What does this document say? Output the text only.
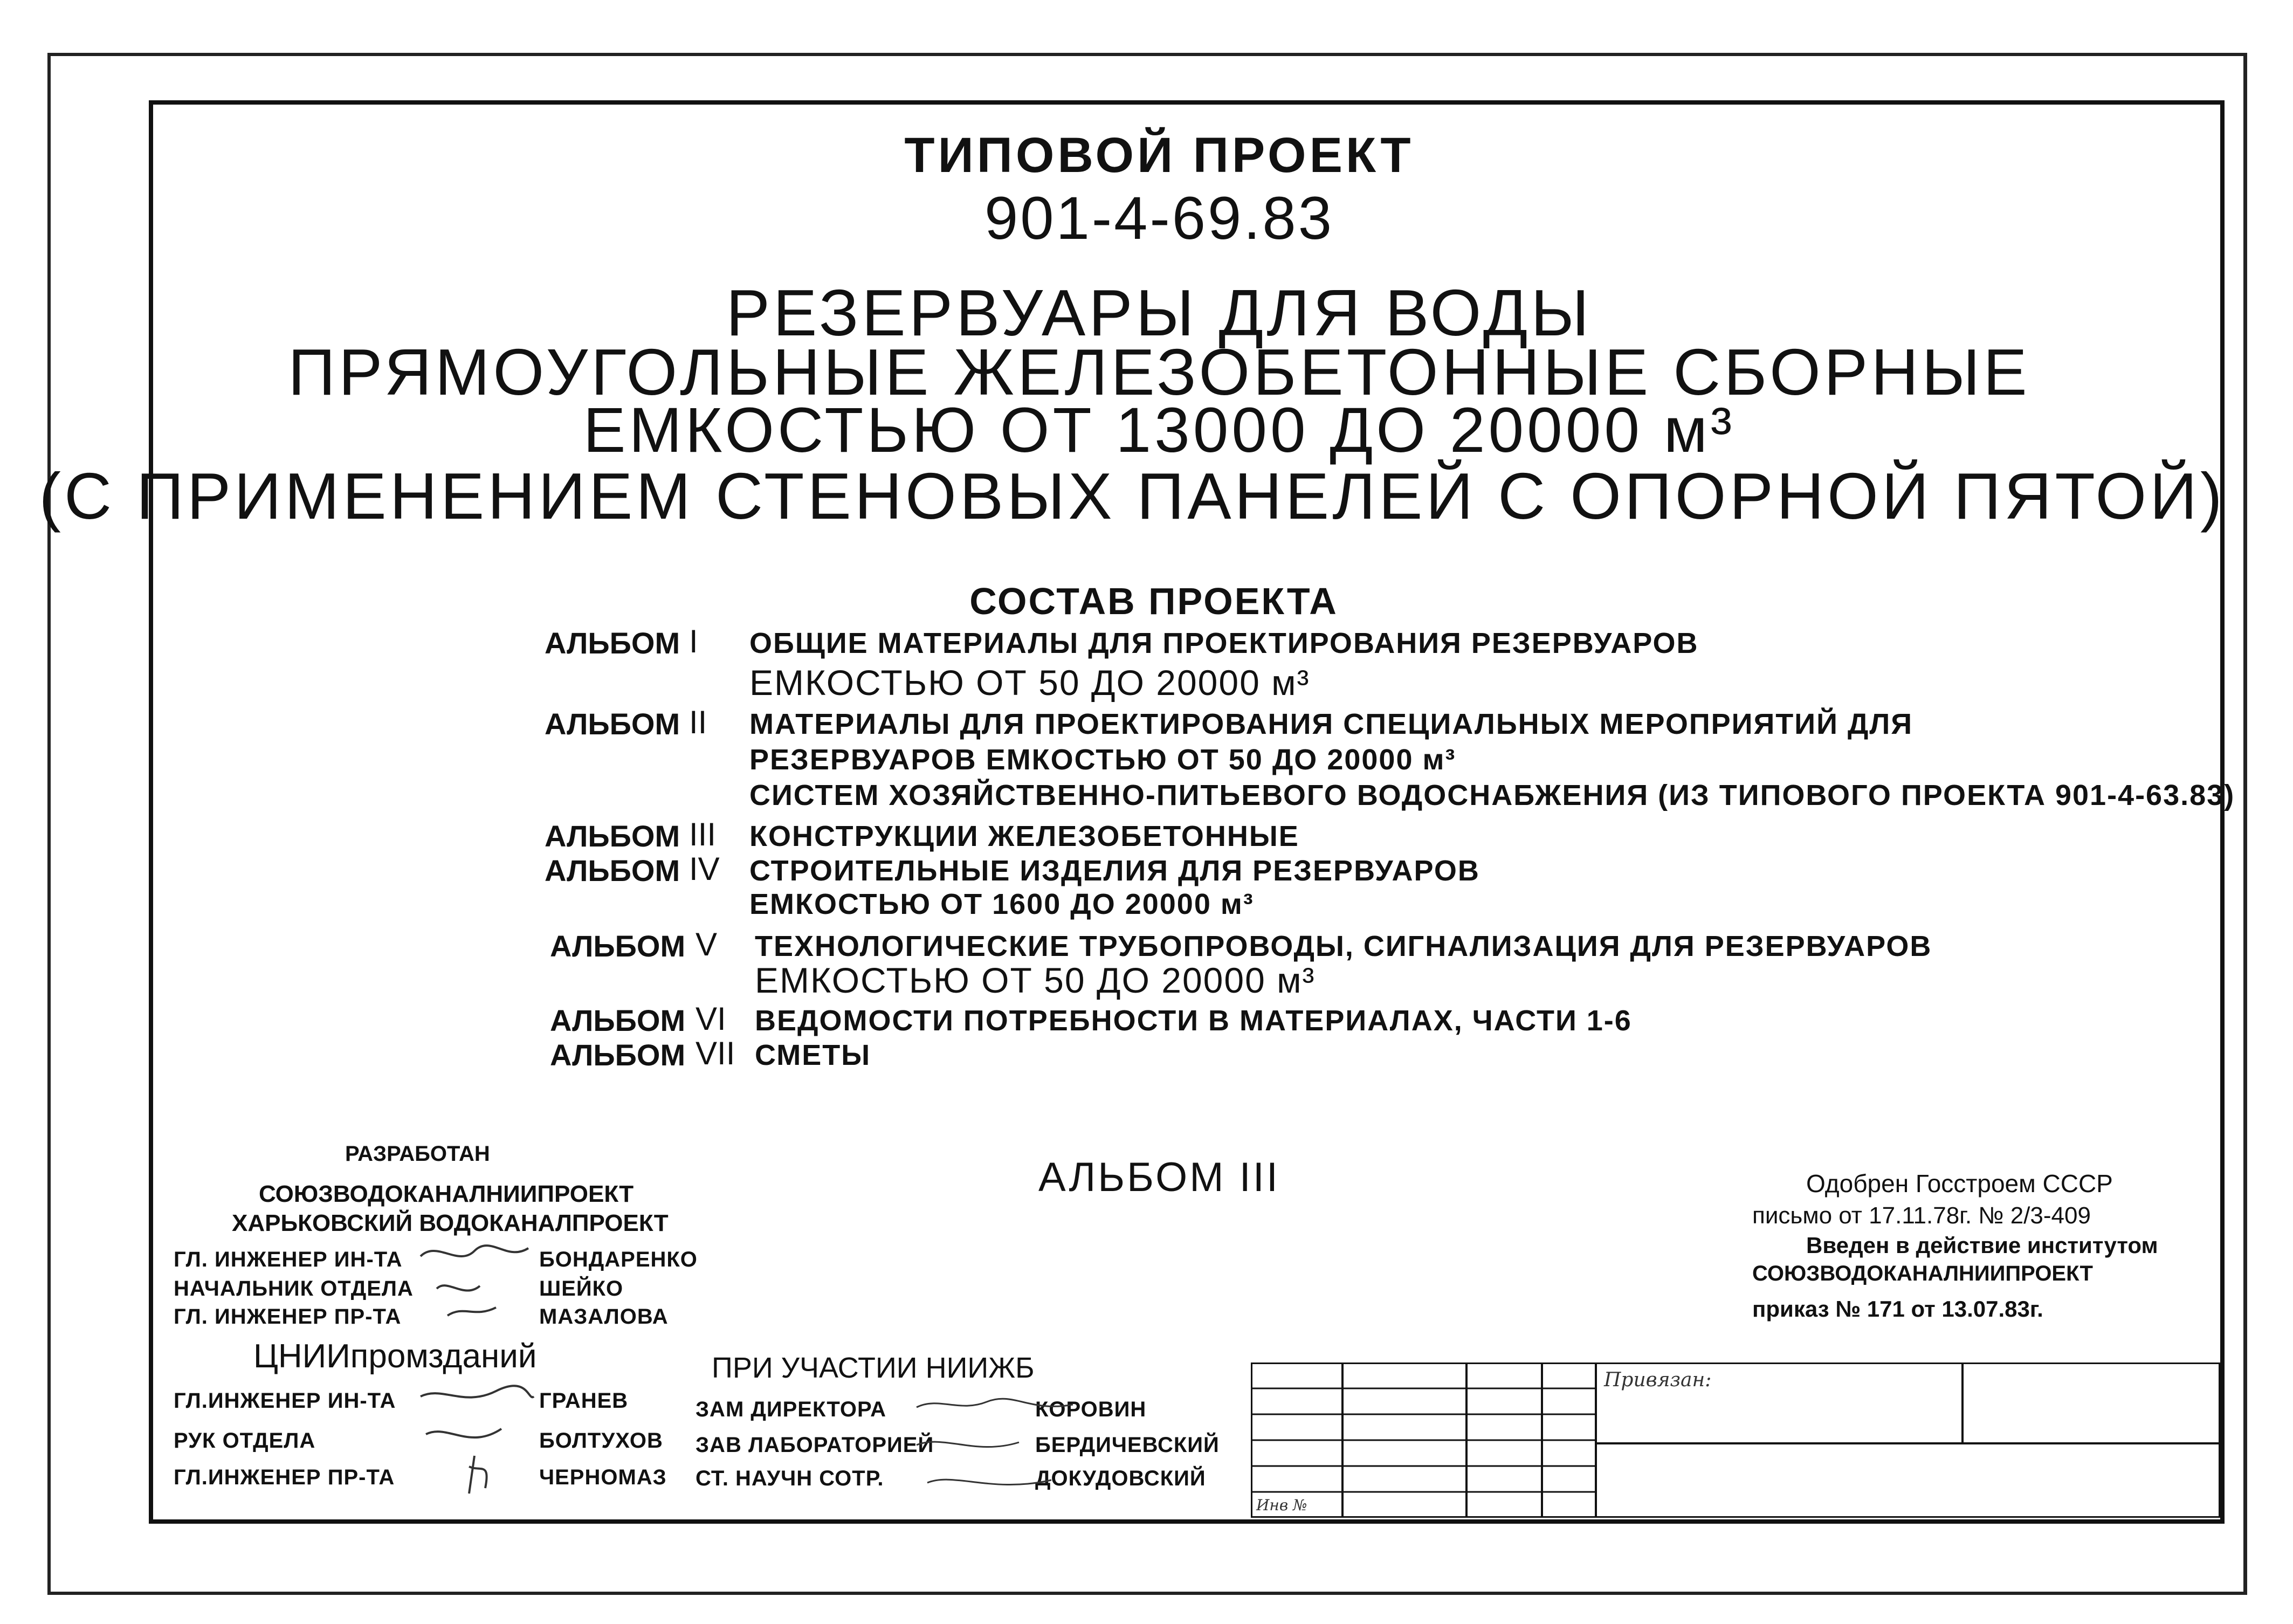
ТИПОВОЙ ПРОЕКТ
901-4-69.83
РЕЗЕРВУАРЫ ДЛЯ ВОДЫ
ПРЯМОУГОЛЬНЫЕ ЖЕЛЕЗОБЕТОННЫЕ СБОРНЫЕ
ЕМКОСТЬЮ ОТ 13000 ДО 20000 м³
(С ПРИМЕНЕНИЕМ СТЕНОВЫХ ПАНЕЛЕЙ С ОПОРНОЙ ПЯТОЙ)
СОСТАВ ПРОЕКТА
АЛЬБОМ I ОБЩИЕ МАТЕРИАЛЫ ДЛЯ ПРОЕКТИРОВАНИЯ РЕЗЕРВУАРОВ
ЕМКОСТЬЮ ОТ 50 ДО 20000 м³
АЛЬБОМ II МАТЕРИАЛЫ ДЛЯ ПРОЕКТИРОВАНИЯ СПЕЦИАЛЬНЫХ МЕРОПРИЯТИЙ ДЛЯ
РЕЗЕРВУАРОВ ЕМКОСТЬЮ ОТ 50 ДО 20000 м³
СИСТЕМ ХОЗЯЙСТВЕННО-ПИТЬЕВОГО ВОДОСНАБЖЕНИЯ (ИЗ ТИПОВОГО ПРОЕКТА 901-4-63.83)
АЛЬБОМ III КОНСТРУКЦИИ ЖЕЛЕЗОБЕТОННЫЕ
АЛЬБОМ IV СТРОИТЕЛЬНЫЕ ИЗДЕЛИЯ ДЛЯ РЕЗЕРВУАРОВ
ЕМКОСТЬЮ ОТ 1600 ДО 20000 м³
АЛЬБОМ V ТЕХНОЛОГИЧЕСКИЕ ТРУБОПРОВОДЫ, СИГНАЛИЗАЦИЯ ДЛЯ РЕЗЕРВУАРОВ
ЕМКОСТЬЮ ОТ 50 ДО 20000 м³
АЛЬБОМ VI ВЕДОМОСТИ ПОТРЕБНОСТИ В МАТЕРИАЛАХ, ЧАСТИ 1-6
АЛЬБОМ VII СМЕТЫ
РАЗРАБОТАН
СОЮЗВОДОКАНАЛНИИПРОЕКТ
ХАРЬКОВСКИЙ ВОДОКАНАЛПРОЕКТ
ГЛ. ИНЖЕНЕР ИН-ТА	БОНДАРЕНКО
НАЧАЛЬНИК ОТДЕЛА	ШЕЙКО
ГЛ. ИНЖЕНЕР ПР-ТА	МАЗАЛОВА
ЦНИИпромзданий
ГЛ.ИНЖЕНЕР ИН-ТА	ГРАНЕВ
РУК ОТДЕЛА	БОЛТУХОВ
ГЛ.ИНЖЕНЕР ПР-ТА	ЧЕРНОМАЗ
ПРИ УЧАСТИИ НИИЖБ
ЗАМ ДИРЕКТОРА	КОРОВИН
ЗАВ ЛАБОРАТОРИЕЙ	БЕРДИЧЕВСКИЙ
СТ. НАУЧН СОТР.	ДОКУДОВСКИЙ
АЛЬБОМ III	Одобрен Госстроем СССР
письмо от 17.11.78г. № 2/3-409
Введен в действие институтом
СОЮЗВОДОКАНАЛНИИПРОЕКТ
приказ № 171 от 13.07.83г.
Привязан:
Инв №
